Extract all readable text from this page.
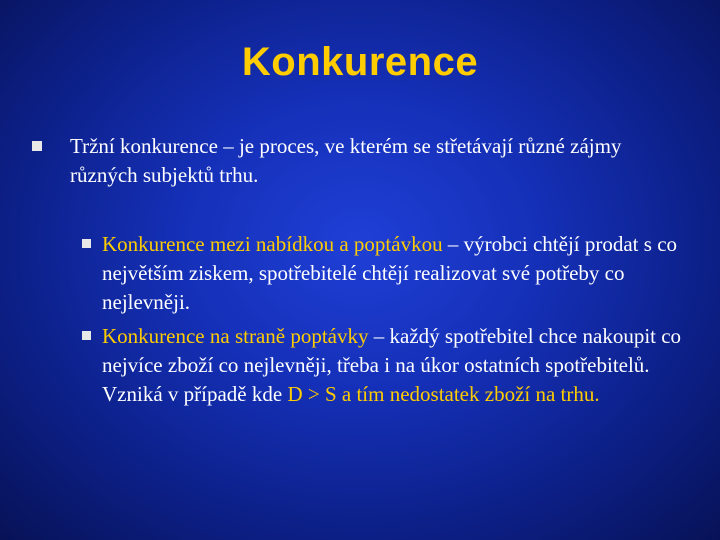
Konkurence
Tržní konkurence – je proces, ve kterém se střetávají různé zájmy různých subjektů trhu.
Konkurence mezi nabídkou a poptávkou – výrobci chtějí prodat s co největším ziskem, spotřebitelé chtějí realizovat své potřeby co nejlevněji.
Konkurence na straně poptávky – každý spotřebitel chce nakoupit co nejvíce zboží co nejlevněji, třeba i na úkor ostatních spotřebitelů. Vzniká v případě kde D > S a tím nedostatek zboží na trhu.
